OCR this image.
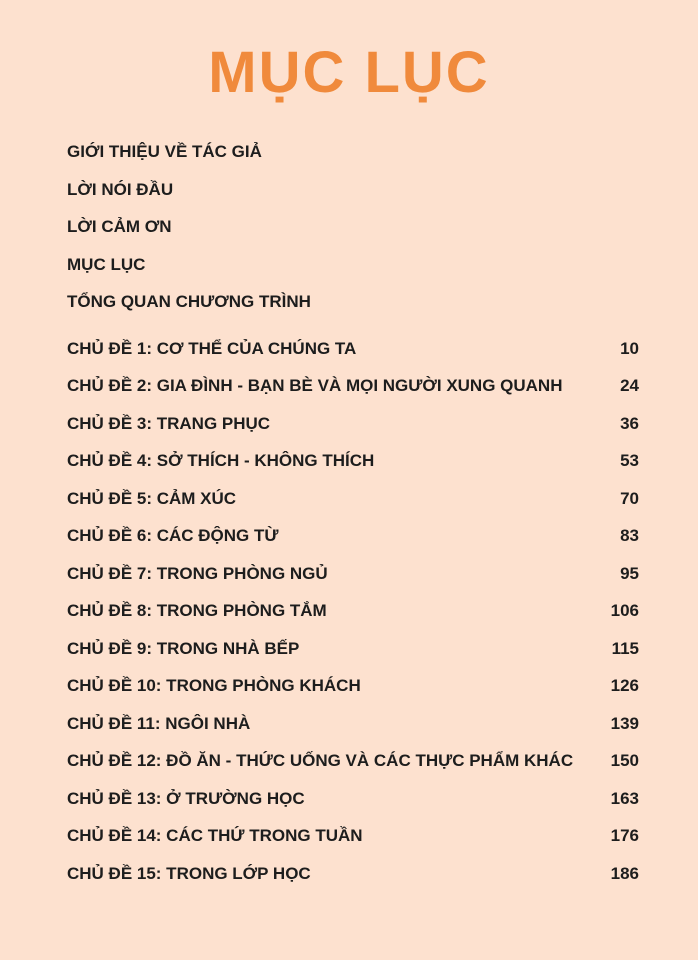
MỤC LỤC
GIỚI THIỆU VỀ TÁC GIẢ
LỜI NÓI ĐẦU
LỜI CẢM ƠN
MỤC LỤC
TỔNG QUAN CHƯƠNG TRÌNH
CHỦ ĐỀ 1: CƠ THỂ CỦA CHÚNG TA	10
CHỦ ĐỀ 2: GIA ĐÌNH - BẠN BÈ VÀ MỌI NGƯỜI XUNG QUANH	24
CHỦ ĐỀ 3: TRANG PHỤC	36
CHỦ ĐỀ 4: SỞ THÍCH - KHÔNG THÍCH	53
CHỦ ĐỀ 5: CẢM XÚC	70
CHỦ ĐỀ 6: CÁC ĐỘNG TỪ	83
CHỦ ĐỀ 7: TRONG PHÒNG NGỦ	95
CHỦ ĐỀ 8: TRONG PHÒNG TẮM	106
CHỦ ĐỀ 9: TRONG NHÀ BẾP	115
CHỦ ĐỀ 10: TRONG PHÒNG KHÁCH	126
CHỦ ĐỀ 11: NGÔI NHÀ	139
CHỦ ĐỀ 12: ĐỒ ĂN - THỨC UỐNG VÀ CÁC THỰC PHẨM KHÁC	150
CHỦ ĐỀ 13: Ở TRƯỜNG HỌC	163
CHỦ ĐỀ 14: CÁC THỨ TRONG TUẦN	176
CHỦ ĐỀ 15: TRONG LỚP HỌC	186
